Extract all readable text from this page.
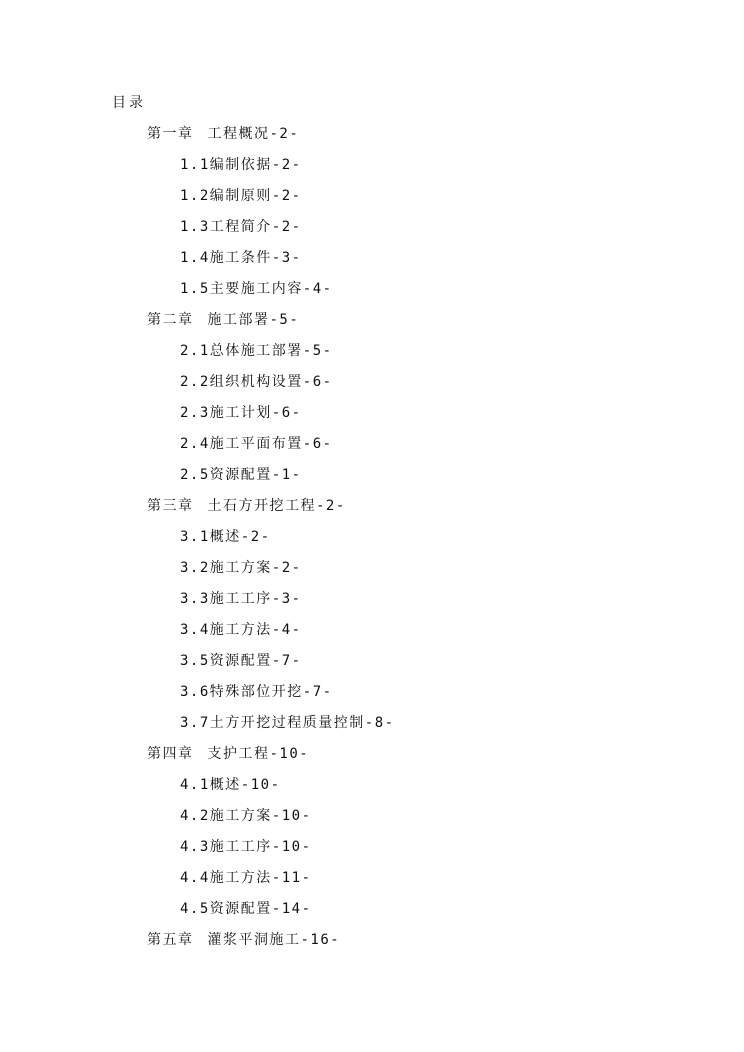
目录
第一章 工程概况-2-
1.1编制依据-2-
1.2编制原则-2-
1.3工程简介-2-
1.4施工条件-3-
1.5主要施工内容-4-
第二章 施工部署-5-
2.1总体施工部署-5-
2.2组织机构设置-6-
2.3施工计划-6-
2.4施工平面布置-6-
2.5资源配置-1-
第三章 土石方开挖工程-2-
3.1概述-2-
3.2施工方案-2-
3.3施工工序-3-
3.4施工方法-4-
3.5资源配置-7-
3.6特殊部位开挖-7-
3.7土方开挖过程质量控制-8-
第四章 支护工程-10-
4.1概述-10-
4.2施工方案-10-
4.3施工工序-10-
4.4施工方法-11-
4.5资源配置-14-
第五章 灌浆平洞施工-16-
